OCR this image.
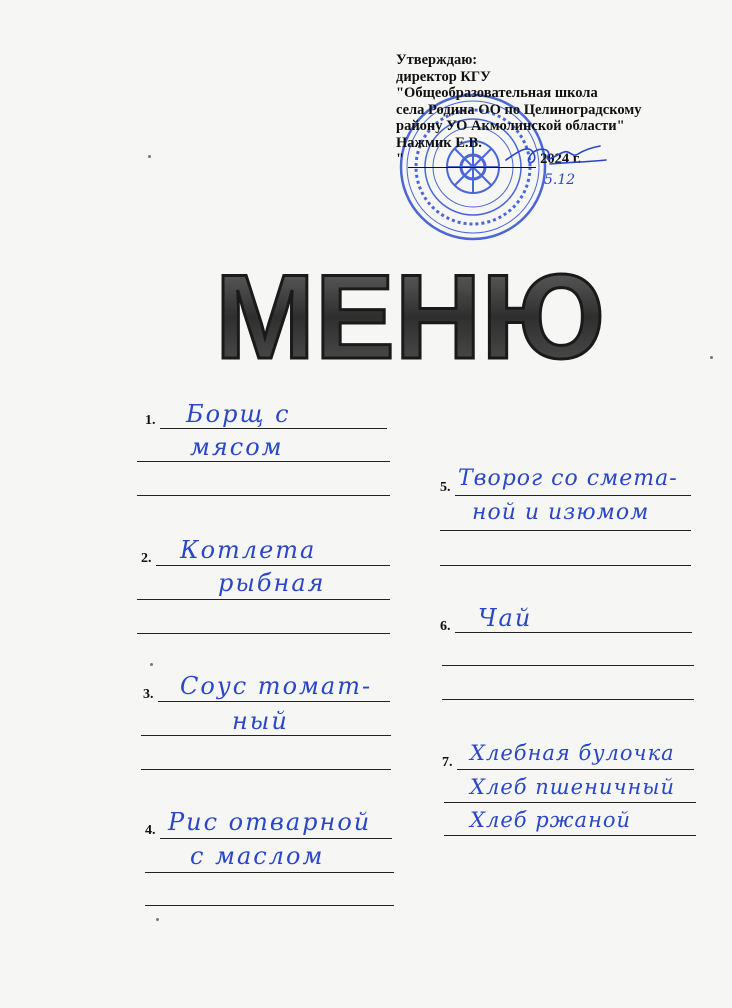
Утверждаю:
директор КГУ
"Общеобразовательная школа
села Родина ОО по Целиноградскому
району УО Акмолинской области"
Нажмик Е.В.
"	2024 г.
5.12
МЕНЮ
1. Борщ с
мясом
2. Котлета
рыбная
3. Соус томат-
ный
4. Рис отварной
с маслом
5. Творог со смета-
ной и изюмом
6. Чай
7. Хлебная булочка
Хлеб пшеничный
Хлеб ржаной
